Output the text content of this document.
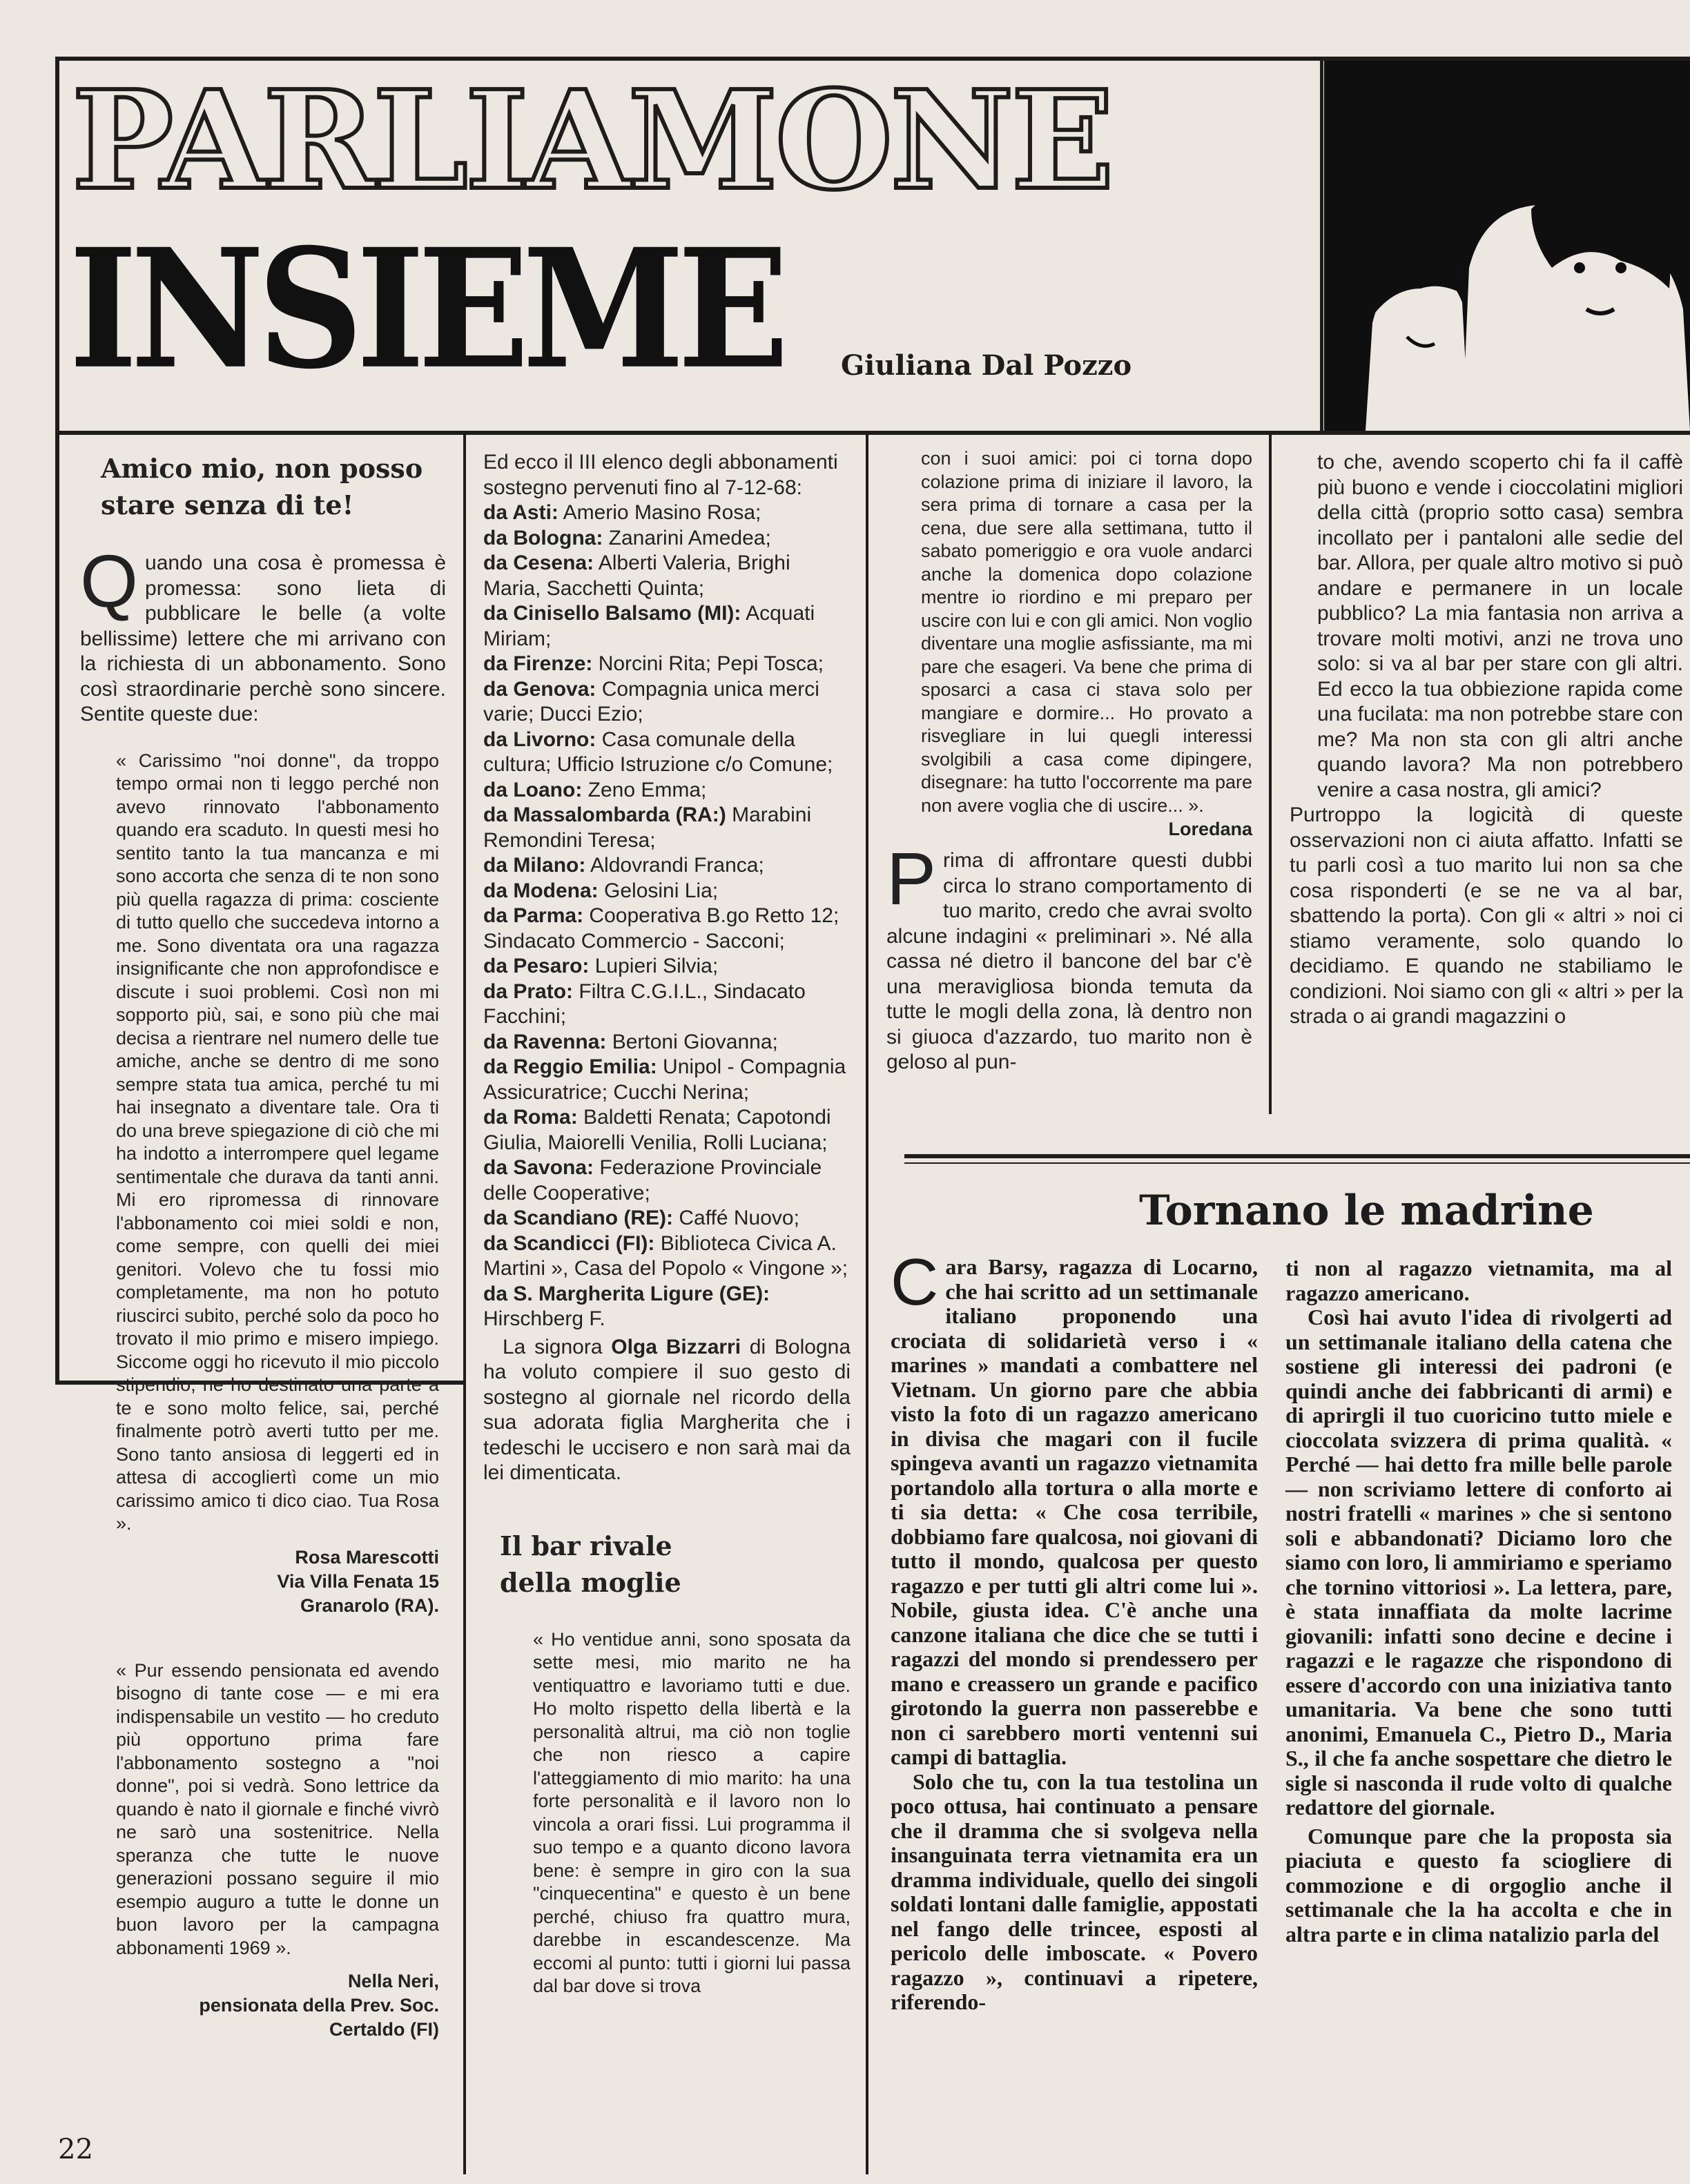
PARLIAMONE
INSIEME	Giuliana Dal Pozzo
Amico mio, non posso stare senza di te!

Q uando una cosa è promessa è promessa: sono lieta di pubblicare le belle (a volte bellissime) lettere che mi arrivano con la richiesta di un abbonamento. Sono così straordinarie perchè sono sincere. Sentite queste due:

« Carissimo "noi donne", da troppo tempo ormai non ti leggo perché non avevo rinnovato l'abbonamento quando era scaduto. In questi mesi ho sentito tanto la tua mancanza e mi sono accorta che senza di te non sono più quella ragazza di prima: cosciente di tutto quello che succedeva intorno a me. Sono diventata ora una ragazza insignificante che non approfondisce e discute i suoi problemi. Così non mi sopporto più, sai, e sono più che mai decisa a rientrare nel numero delle tue amiche, anche se dentro di me sono sempre stata tua amica, perché tu mi hai insegnato a diventare tale. Ora ti do una breve spiegazione di ciò che mi ha indotto a interrompere quel legame sentimentale che durava da tanti anni. Mi ero ripromessa di rinnovare l'abbonamento coi miei soldi e non, come sempre, con quelli dei miei genitori. Volevo che tu fossi mio completamente, ma non ho potuto riuscirci subito, perché solo da poco ho trovato il mio primo e misero impiego. Siccome oggi ho ricevuto il mio piccolo stipendio, ne ho destinato una parte a te e sono molto felice, sai, perché finalmente potrò averti tutto per me. Sono tanto ansiosa di leggerti ed in attesa di accogliertì come un mio carissimo amico ti dico ciao. Tua Rosa ».

Rosa Marescotti
Via Villa Fenata 15
Granarolo (RA).

« Pur essendo pensionata ed avendo bisogno di tante cose — e mi era indispensabile un vestito — ho creduto più opportuno prima fare l'abbonamento sostegno a "noi donne", poi si vedrà. Sono lettrice da quando è nato il giornale e finché vivrò ne sarò una sostenitrice. Nella speranza che tutte le nuove generazioni possano seguire il mio esempio auguro a tutte le donne un buon lavoro per la campagna abbonamenti 1969 ».

Nella Neri,
pensionata della Prev. Soc.
Certaldo (FI)

Ed ecco il III elenco degli abbonamenti sostegno pervenuti fino al 7-12-68:

da Asti: Amerio Masino Rosa;

da Bologna: Zanarini Amedea;

da Cesena: Alberti Valeria, Brighi Maria, Sacchetti Quinta;

da Cinisello Balsamo (MI): Acquati Miriam;

da Firenze: Norcini Rita; Pepi Tosca;

da Genova: Compagnia unica merci varie; Ducci Ezio;

da Livorno: Casa comunale della cultura; Ufficio Istruzione c/o Comune;

da Loano: Zeno Emma;

da Massalombarda (RA:) Marabini Remondini Teresa;

da Milano: Aldovrandi Franca;

da Modena: Gelosini Lia;

da Parma: Cooperativa B.go Retto 12; Sindacato Commercio - Sacconi;

da Pesaro: Lupieri Silvia;

da Prato: Filtra C.G.I.L., Sindacato Facchini;

da Ravenna: Bertoni Giovanna;

da Reggio Emilia: Unipol - Compagnia Assicuratrice; Cucchi Nerina;

da Roma: Baldetti Renata; Capotondi Giulia, Maiorelli Venilia, Rolli Luciana;

da Savona: Federazione Provinciale delle Cooperative;

da Scandiano (RE): Caffé Nuovo;

da Scandicci (FI): Biblioteca Civica A. Martini », Casa del Popolo « Vingone »;

da S. Margherita Ligure (GE): Hirschberg F.

La signora Olga Bizzarri di Bologna ha voluto compiere il suo gesto di sostegno al giornale nel ricordo della sua adorata figlia Margherita che i tedeschi le uccisero e non sarà mai da lei dimenticata.

Il bar rivale della moglie

« Ho ventidue anni, sono sposata da sette mesi, mio marito ne ha ventiquattro e lavoriamo tutti e due. Ho molto rispetto della libertà e la personalità altrui, ma ciò non toglie che non riesco a capire l'atteggiamento di mio marito: ha una forte personalità e il lavoro non lo vincola a orari fissi. Lui programma il suo tempo e a quanto dicono lavora bene: è sempre in giro con la sua "cinquecentina" e questo è un bene perché, chiuso fra quattro mura, darebbe in escandescenze. Ma eccomi al punto: tutti i giorni lui passa dal bar dove si trova

con i suoi amici: poi ci torna dopo colazione prima di iniziare il lavoro, la sera prima di tornare a casa per la cena, due sere alla settimana, tutto il sabato pomeriggio e ora vuole andarci anche la domenica dopo colazione mentre io riordino e mi preparo per uscire con lui e con gli amici. Non voglio diventare una moglie asfissiante, ma mi pare che esageri. Va bene che prima di sposarci a casa ci stava solo per mangiare e dormire... Ho provato a risvegliare in lui quegli interessi svolgibili a casa come dipingere, disegnare: ha tutto l'occorrente ma pare non avere voglia che di uscire... ».

Loredana

P rima di affrontare questi dubbi circa lo strano comportamento di tuo marito, credo che avrai svolto alcune indagini « preliminari ». Né alla cassa né dietro il bancone del bar c'è una meravigliosa bionda temuta da tutte le mogli della zona, là dentro non si giuoca d'azzardo, tuo marito non è geloso al pun-

to che, avendo scoperto chi fa il caffè più buono e vende i cioccolatini migliori della città (proprio sotto casa) sembra incollato per i pantaloni alle sedie del bar. Allora, per quale altro motivo si può andare e permanere in un locale pubblico? La mia fantasia non arriva a trovare molti motivi, anzi ne trova uno solo: si va al bar per stare con gli altri. Ed ecco la tua obbiezione rapida come una fucilata: ma non potrebbe stare con me? Ma non sta con gli altri anche quando lavora? Ma non potrebbero venire a casa nostra, gli amici?

Purtroppo la logicità di queste osservazioni non ci aiuta affatto. Infatti se tu parli così a tuo marito lui non sa che cosa risponderti (e se ne va al bar, sbattendo la porta). Con gli « altri » noi ci stiamo veramente, solo quando lo decidiamo. E quando ne stabiliamo le condizioni. Noi siamo con gli « altri » per la strada o ai grandi magazzini o

Tornano le madrine

C ara Barsy, ragazza di Locarno, che hai scritto ad un settimanale italiano proponendo una crociata di solidarietà verso i « marines » mandati a combattere nel Vietnam. Un giorno pare che abbia visto la foto di un ragazzo americano in divisa che magari con il fucile spingeva avanti un ragazzo vietnamita portandolo alla tortura o alla morte e ti sia detta: « Che cosa terribile, dobbiamo fare qualcosa, noi giovani di tutto il mondo, qualcosa per questo ragazzo e per tutti gli altri come lui ». Nobile, giusta idea. C'è anche una canzone italiana che dice che se tutti i ragazzi del mondo si prendessero per mano e creassero un grande e pacifico girotondo la guerra non passerebbe e non ci sarebbero morti ventenni sui campi di battaglia.

Solo che tu, con la tua testolina un poco ottusa, hai continuato a pensare che il dramma che si svolgeva nella insanguinata terra vietnamita era un dramma individuale, quello dei singoli soldati lontani dalle famiglie, appostati nel fango delle trincee, esposti al pericolo delle imboscate. « Povero ragazzo », continuavi a ripetere, riferendo-

ti non al ragazzo vietnamita, ma al ragazzo americano.

Così hai avuto l'idea di rivolgerti ad un settimanale italiano della catena che sostiene gli interessi dei padroni (e quindi anche dei fabbricanti di armi) e di aprirgli il tuo cuoricino tutto miele e cioccolata svizzera di prima qualità. « Perché — hai detto fra mille belle parole — non scriviamo lettere di conforto ai nostri fratelli « marines » che si sentono soli e abbandonati? Diciamo loro che siamo con loro, li ammiriamo e speriamo che tornino vittoriosi ». La lettera, pare, è stata innaffiata da molte lacrime giovanili: infatti sono decine e decine i ragazzi e le ragazze che rispondono di essere d'accordo con una iniziativa tanto umanitaria. Va bene che sono tutti anonimi, Emanuela C., Pietro D., Maria S., il che fa anche sospettare che dietro le sigle si nasconda il rude volto di qualche redattore del giornale.

Comunque pare che la proposta sia piaciuta e questo fa sciogliere di commozione e di orgoglio anche il settimanale che la ha accolta e che in altra parte e in clima natalizio parla del

22
